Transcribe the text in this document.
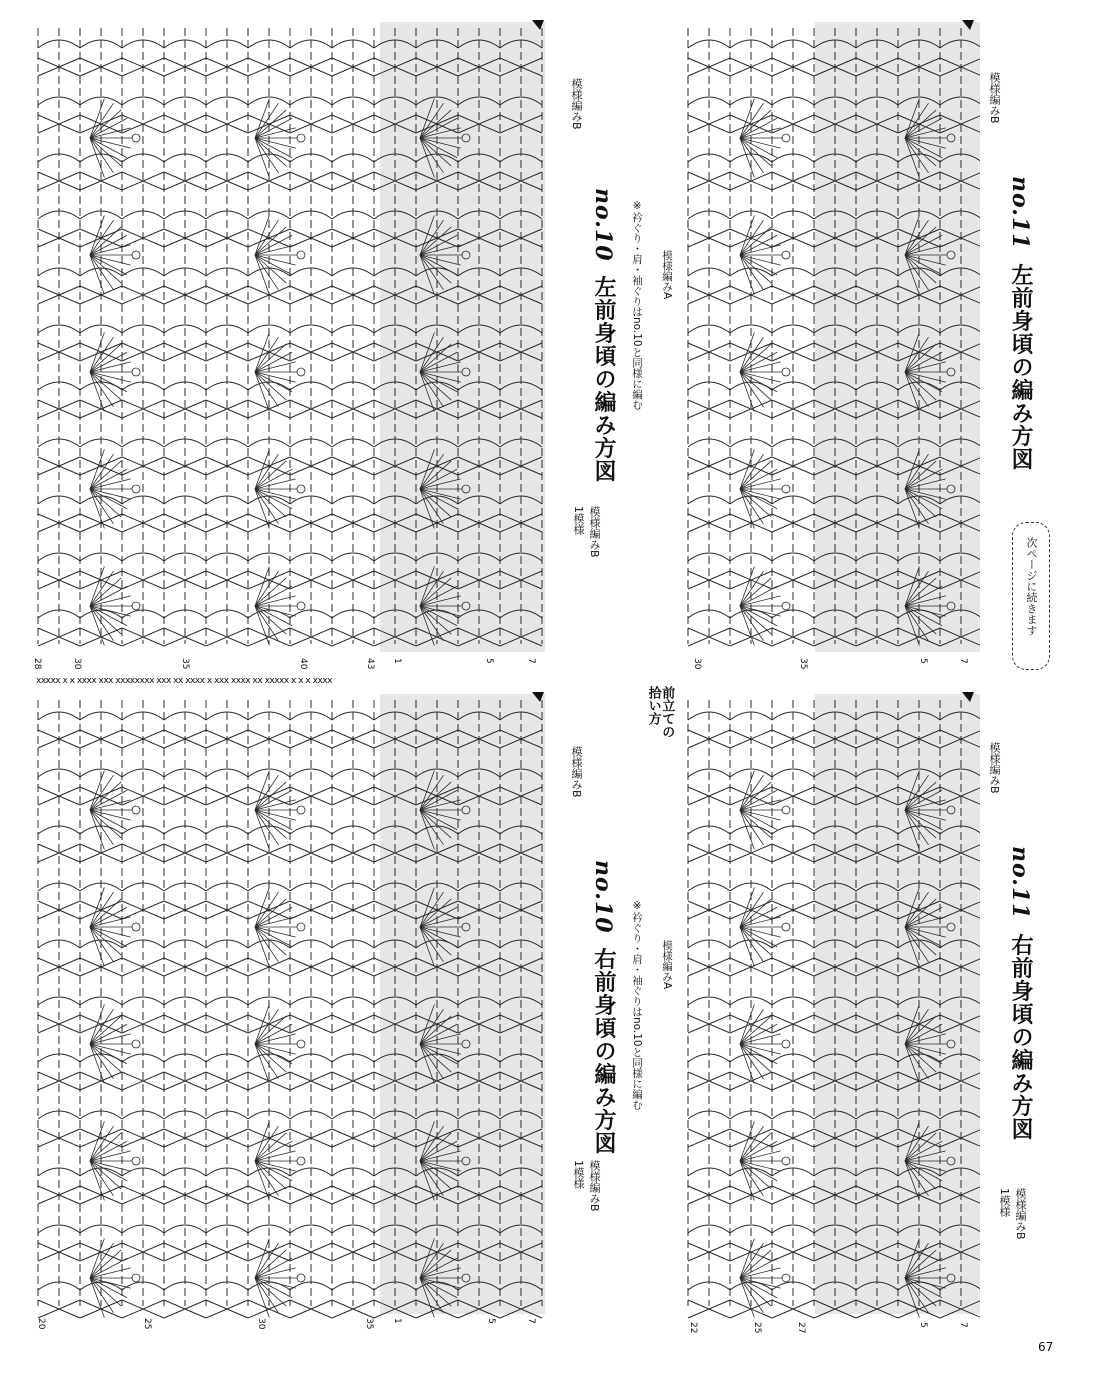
模様編みB
no.10左前身頃の編み方図
模様編みB
1模様
28	30	35	40	43 1	5	7
模様編みB
no.10右前身頃の編み方図
模様編みB
1模様
20	25	30	35 1	5	7
模様編みB
no.11左前身頃の編み方図
模様編みA
※衿ぐり・肩・袖ぐりはno.10と同様に編む
30	35	5	7
模様編みB
no.11右前身頃の編み方図
模様編みA
※衿ぐり・肩・袖ぐりはno.10と同様に編む
模様編みB
1模様
22	25	27	5	7
xxxxx x x xxxx xxx xxxxxxxx xxx xx xxxx x xxx xxxx xx xxxxx x x x xxxx
前立ての
拾い方
次ページに続きます
67
